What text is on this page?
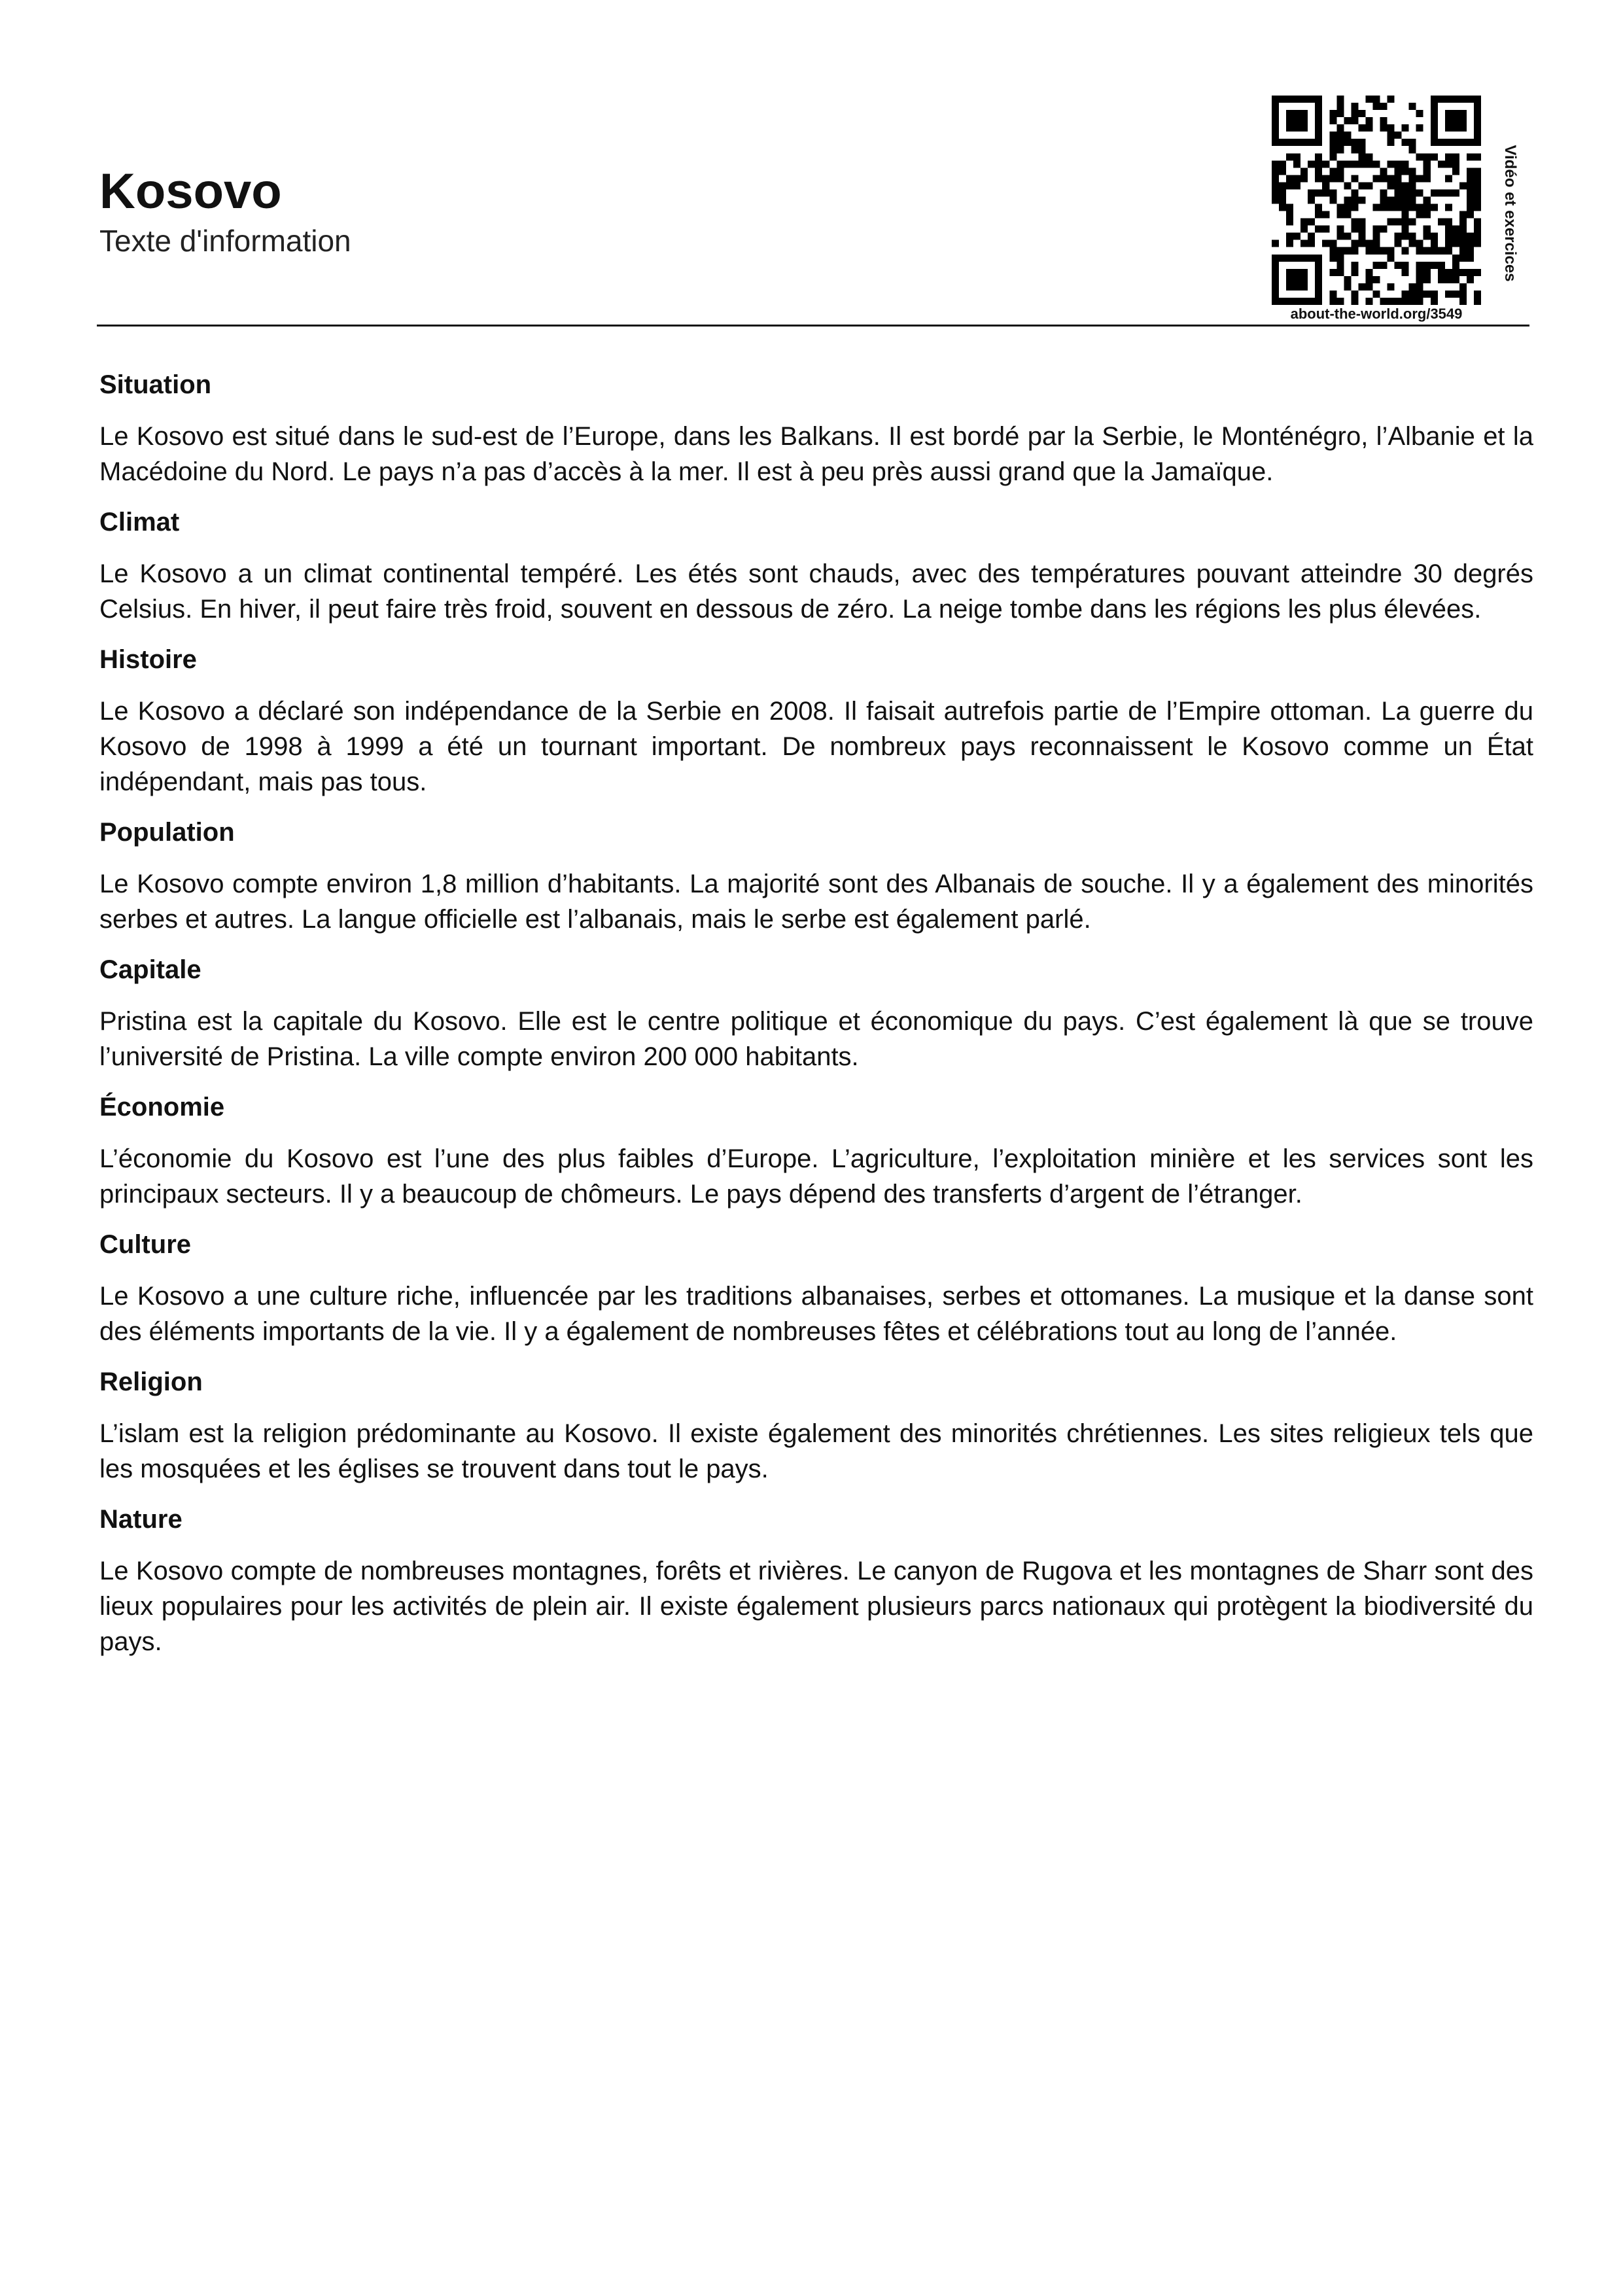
Kosovo
Texte d'information
about-the-world.org/3549
Vidéo et exercices
Situation

Le Kosovo est situé dans le sud-est de l’Europe, dans les Balkans. Il est bordé par la Serbie, le Monténégro, l’Albanie et la Macédoine du Nord. Le pays n’a pas d’accès à la mer. Il est à peu près aussi grand que la Jamaïque.

Climat

Le Kosovo a un climat continental tempéré. Les étés sont chauds, avec des températures pouvant atteindre 30 degrés Celsius. En hiver, il peut faire très froid, souvent en dessous de zéro. La neige tombe dans les régions les plus élevées.

Histoire

Le Kosovo a déclaré son indépendance de la Serbie en 2008. Il faisait autrefois partie de l’Empire ottoman. La guerre du Kosovo de 1998 à 1999 a été un tournant important. De nombreux pays reconnaissent le Kosovo comme un État indépendant, mais pas tous.

Population

Le Kosovo compte environ 1,8 million d’habitants. La majorité sont des Albanais de souche. Il y a également des minorités serbes et autres. La langue officielle est l’albanais, mais le serbe est également parlé.

Capitale

Pristina est la capitale du Kosovo. Elle est le centre politique et économique du pays. C’est également là que se trouve l’université de Pristina. La ville compte environ 200 000 habitants.

Économie

L’économie du Kosovo est l’une des plus faibles d’Europe. L’agriculture, l’exploitation minière et les services sont les principaux secteurs. Il y a beaucoup de chômeurs. Le pays dépend des transferts d’argent de l’étranger.

Culture

Le Kosovo a une culture riche, influencée par les traditions albanaises, serbes et ottomanes. La musique et la danse sont des éléments importants de la vie. Il y a également de nombreuses fêtes et célébrations tout au long de l’année.

Religion

L’islam est la religion prédominante au Kosovo. Il existe également des minorités chrétiennes. Les sites religieux tels que les mosquées et les églises se trouvent dans tout le pays.

Nature

Le Kosovo compte de nombreuses montagnes, forêts et rivières. Le canyon de Rugova et les montagnes de Sharr sont des lieux populaires pour les activités de plein air. Il existe également plusieurs parcs nationaux qui protègent la biodiversité du pays.
